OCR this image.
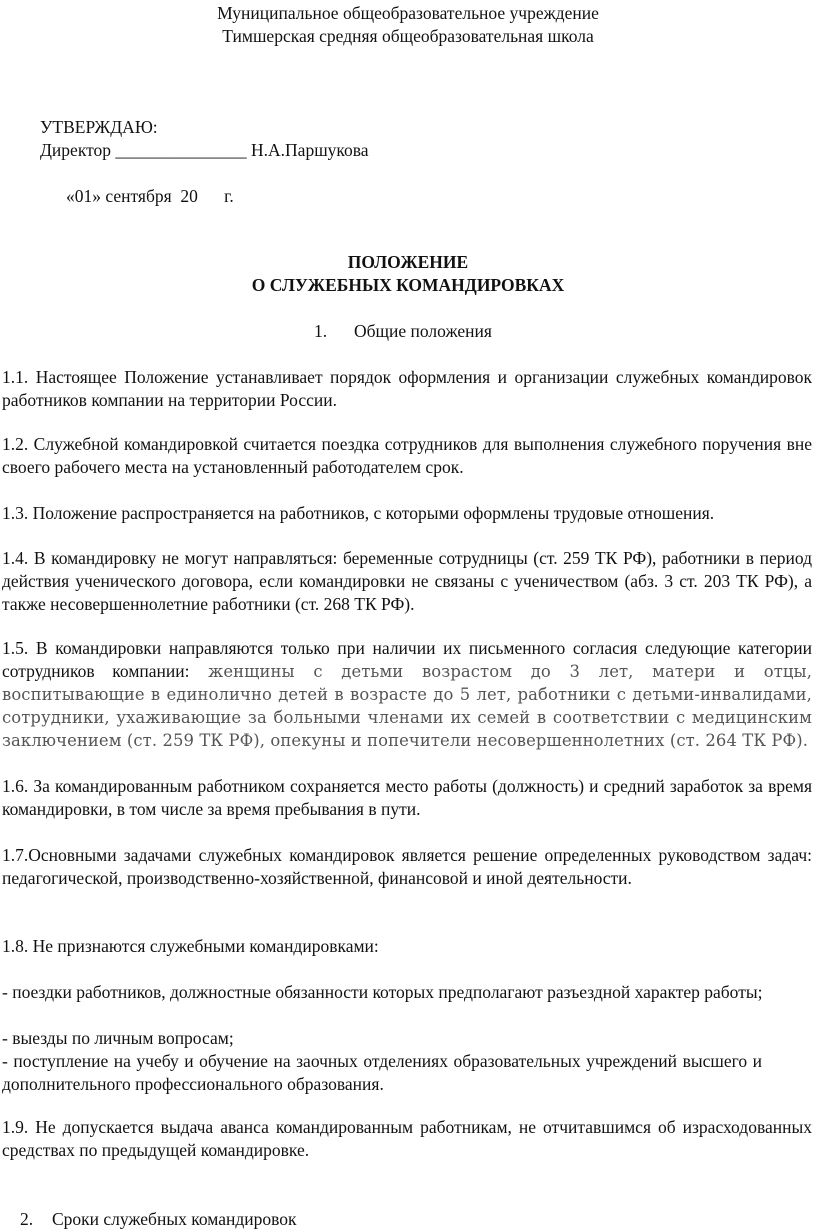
Муниципальное общеобразовательное учреждение
Тимшерская средняя общеобразовательная школа
УТВЕРЖДАЮ:
Директор _______________ Н.А.Паршукова
«01» сентября  20      г.
ПОЛОЖЕНИЕ
О СЛУЖЕБНЫХ КОМАНДИРОВКАХ
1. Общие положения
1.1. Настоящее Положение устанавливает порядок оформления и организации служебных командировок работников компании на территории России.
1.2. Служебной командировкой считается поездка сотрудников для выполнения служебного поручения вне своего рабочего места на установленный работодателем срок.
1.3. Положение распространяется на работников, с которыми оформлены трудовые отношения.
1.4. В командировку не могут направляться: беременные сотрудницы (ст. 259 ТК РФ), работники в период действия ученического договора, если командировки не связаны с ученичеством (абз. 3 ст. 203 ТК РФ), а также несовершеннолетние работники (ст. 268 ТК РФ).
1.5. В командировки направляются только при наличии их письменного согласия следующие категории сотрудников компании: женщины с детьми возрастом до 3 лет, матери и отцы, воспитывающие в единолично детей в возрасте до 5 лет, работники с детьми-инвалидами, сотрудники, ухаживающие за больными членами их семей в соответствии с медицинским заключением (ст. 259 ТК РФ), опекуны и попечители несовершеннолетних (ст. 264 ТК РФ).
1.6. За командированным работником сохраняется место работы (должность) и средний заработок за время командировки, в том числе за время пребывания в пути.
1.7.Основными задачами служебных командировок является решение определенных руководством задач: педагогической, производственно-хозяйственной, финансовой и иной деятельности.
1.8. Не признаются служебными командировками:
- поездки работников, должностные обязанности которых предполагают разъездной характер работы;
- выезды по личным вопросам;
- поступление на учебу и обучение на заочных отделениях образовательных учреждений высшего и дополнительного профессионального образования.
1.9. Не допускается выдача аванса командированным работникам, не отчитавшимся об израсходованных средствах по предыдущей командировке.
2. Сроки служебных командировок
